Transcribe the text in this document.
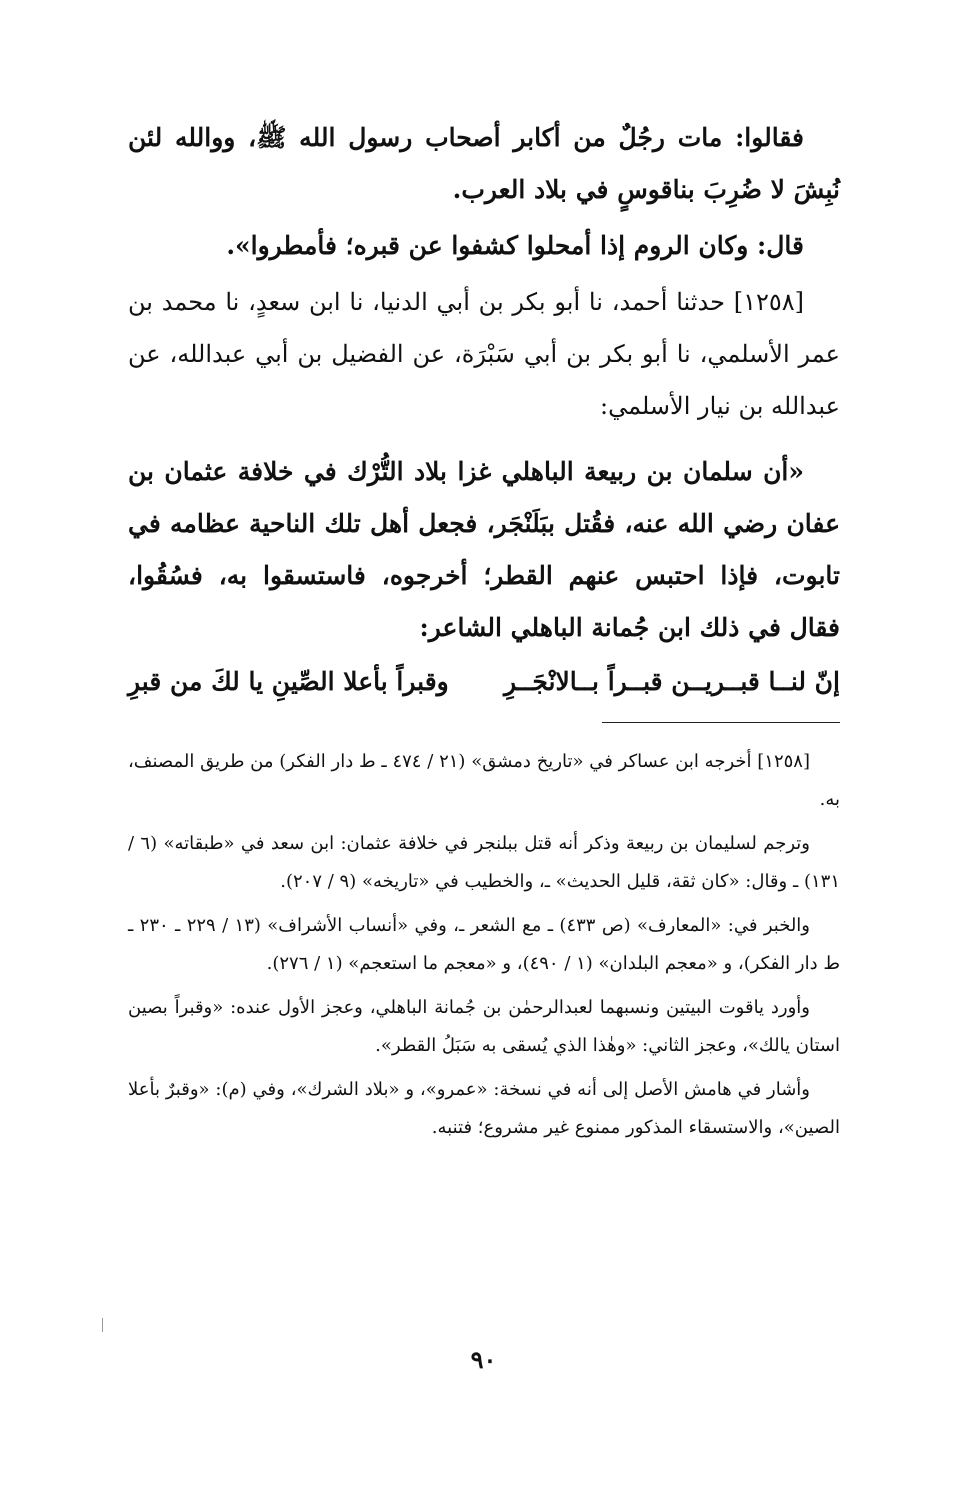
فقالوا: مات رجُلٌ من أكابر أصحاب رسول الله ﷺ، ووالله لئن نُبِشَ لا ضُرِبَ بناقوسٍ في بلاد العرب.

قال: وكان الروم إذا أمحلوا كشفوا عن قبره؛ فأمطروا».

[١٢٥٨] حدثنا أحمد، نا أبو بكر بن أبي الدنيا، نا ابن سعدٍ، نا محمد بن عمر الأسلمي، نا أبو بكر بن أبي سَبْرَة، عن الفضيل بن أبي عبدالله، عن عبدالله بن نيار الأسلمي:

«أن سلمان بن ربيعة الباهلي غزا بلاد التُّرْك في خلافة عثمان بن عفان رضي الله عنه، فقُتل ببَلَنْجَر، فجعل أهل تلك الناحية عظامه في تابوت، فإذا احتبس عنهم القطر؛ أخرجوه، فاستسقوا به، فسُقُوا، فقال في ذلك ابن جُمانة الباهلي الشاعر:

إنّ لنــا قبــريــن قبــراً بــالانْجَــرِ
وقبراً بأعلا الصِّينِ يا لكَ من قبرِ

[١٢٥٨] أخرجه ابن عساكر في «تاريخ دمشق» (٢١ / ٤٧٤ ـ ط دار الفكر) من طريق المصنف، به.

وترجم لسليمان بن ربيعة وذكر أنه قتل ببلنجر في خلافة عثمان: ابن سعد في «طبقاته» (٦ / ١٣١) ـ وقال: «كان ثقة، قليل الحديث» ـ، والخطيب في «تاريخه» (٩ / ٢٠٧).

والخبر في: «المعارف» (ص ٤٣٣) ـ مع الشعر ـ، وفي «أنساب الأشراف» (١٣ / ٢٢٩ ـ ٢٣٠ ـ ط دار الفكر)، و «معجم البلدان» (١ / ٤٩٠)، و «معجم ما استعجم» (١ / ٢٧٦).

وأورد ياقوت البيتين ونسبهما لعبدالرحمٰن بن جُمانة الباهلي، وعجز الأول عنده: «وقبراً بصين استان يالك»، وعجز الثاني: «وهٰذا الذي يُسقى به سَبَلُ القطر».

وأشار في هامش الأصل إلى أنه في نسخة: «عمرو»، و «بلاد الشرك»، وفي (م): «وقبرٌ بأعلا الصين»، والاستسقاء المذكور ممنوع غير مشروع؛ فتنبه.

٩٠
